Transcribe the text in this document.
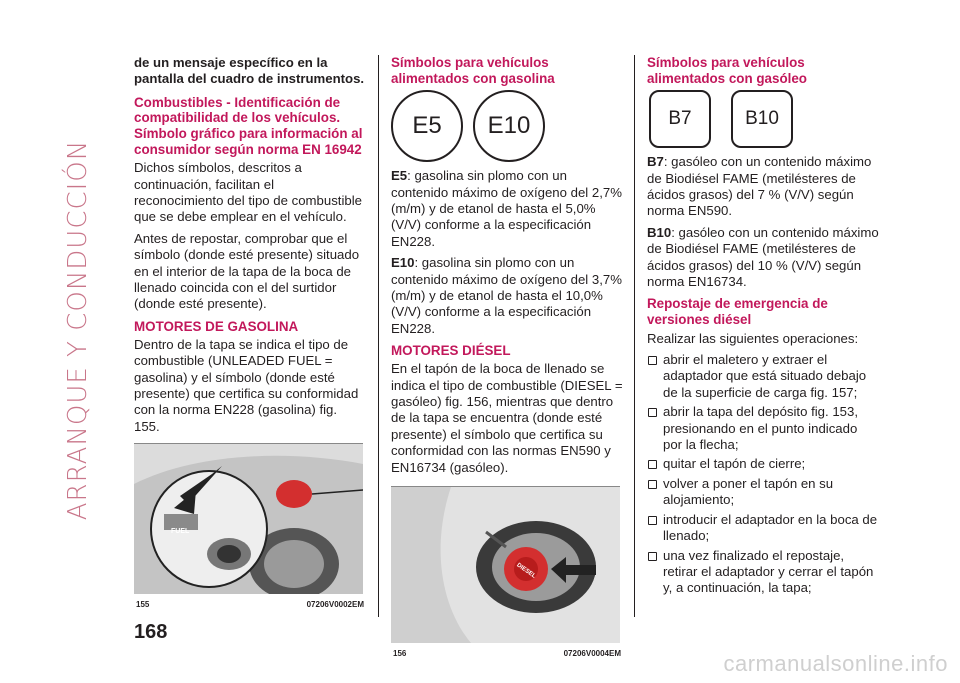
ARRANQUE Y CONDUCCIÓN

de un mensaje específico en la pantalla del cuadro de instrumentos.

Combustibles - Identificación de compatibilidad de los vehículos. Símbolo gráfico para información al consumidor según norma EN 16942

Dichos símbolos, descritos a continuación, facilitan el reconocimiento del tipo de combustible que se debe emplear en el vehículo.

Antes de repostar, comprobar que el símbolo (donde esté presente) situado en el interior de la tapa de la boca de llenado coincida con el del surtidor (donde esté presente).

MOTORES DE GASOLINA

Dentro de la tapa se indica el tipo de combustible (UNLEADED FUEL = gasolina) y el símbolo (donde esté presente) que certifica su conformidad con la norma EN228 (gasolina) fig. 155.

FUEL
155	07206V0002EM
Símbolos para vehículos alimentados con gasolina
E5	E10

E5: gasolina sin plomo con un contenido máximo de oxígeno del 2,7% (m/m) y de etanol de hasta el 5,0% (V/V) conforme a la especificación EN228.

E10: gasolina sin plomo con un contenido máximo de oxígeno del 3,7% (m/m) y de etanol de hasta el 10,0% (V/V) conforme a la especificación EN228.

MOTORES DIÉSEL

En el tapón de la boca de llenado se indica el tipo de combustible (DIESEL = gasóleo) fig. 156, mientras que dentro de la tapa se encuentra (donde esté presente) el símbolo que certifica su conformidad con las normas EN590 y EN16734 (gasóleo).

DIESEL
156	07206V0004EM
Símbolos para vehículos alimentados con gasóleo
B7	B10

B7: gasóleo con un contenido máximo de Biodiésel FAME (metilésteres de ácidos grasos) del 7 % (V/V) según norma EN590.

B10: gasóleo con un contenido máximo de Biodiésel FAME (metilésteres de ácidos grasos) del 10 % (V/V) según norma EN16734.

Repostaje de emergencia de versiones diésel

Realizar las siguientes operaciones:

abrir el maletero y extraer el adaptador que está situado debajo de la superficie de carga fig. 157;
abrir la tapa del depósito fig. 153, presionando en el punto indicado por la flecha;
quitar el tapón de cierre;
volver a poner el tapón en su alojamiento;
introducir el adaptador en la boca de llenado;
una vez finalizado el repostaje, retirar el adaptador y cerrar el tapón y, a continuación, la tapa;
168
carmanualsonline.info
